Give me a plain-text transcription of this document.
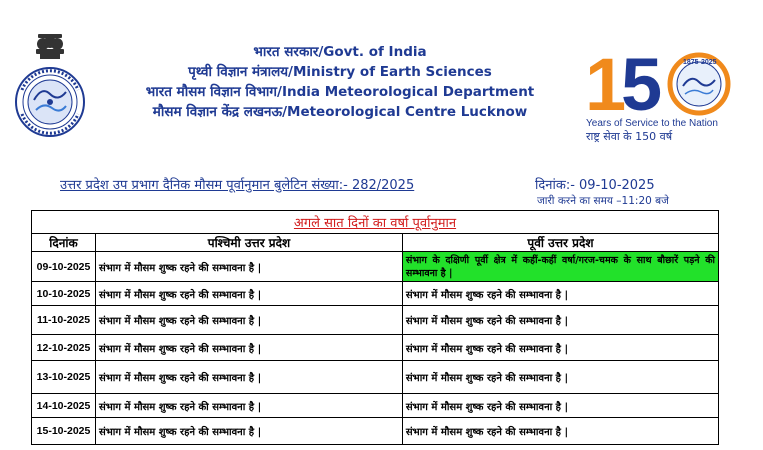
भारत सरकार/Govt. of India
पृथ्वी विज्ञान मंत्रालय/Ministry of Earth Sciences
भारत मौसम विज्ञान विभाग/India Meteorological Department
मौसम विज्ञान केंद्र लखनऊ/Meteorological Centre Lucknow 1
5	1875 2025
Years of Service to the Nation
राष्ट्र सेवा के 150 वर्ष
उत्तर प्रदेश उप प्रभाग दैनिक मौसम पूर्वानुमान बुलेटिन संख्या:- 282/2025	दिनांक:- 09-10-2025
जारी करने का समय –11:20 बजे
अगले सात दिनों का वर्षा पूर्वानुमान		
दिनांक	पश्चिमी उत्तर प्रदेश	पूर्वी उत्तर प्रदेश
09-10-2025	संभाग में मौसम शुष्क रहने की सम्भावना है |	संभाग के दक्षिणी पूर्वी क्षेत्र में कहीं-कहीं वर्षा/गरज-चमक के साथ बौछारें पड़ने की सम्भावना है |
10-10-2025	संभाग में मौसम शुष्क रहने की सम्भावना है |	संभाग में मौसम शुष्क रहने की सम्भावना है |
11-10-2025	संभाग में मौसम शुष्क रहने की सम्भावना है |	संभाग में मौसम शुष्क रहने की सम्भावना है |
12-10-2025	संभाग में मौसम शुष्क रहने की सम्भावना है |	संभाग में मौसम शुष्क रहने की सम्भावना है |
13-10-2025	संभाग में मौसम शुष्क रहने की सम्भावना है |	संभाग में मौसम शुष्क रहने की सम्भावना है |
14-10-2025	संभाग में मौसम शुष्क रहने की सम्भावना है |	संभाग में मौसम शुष्क रहने की सम्भावना है |
15-10-2025	संभाग में मौसम शुष्क रहने की सम्भावना है |	संभाग में मौसम शुष्क रहने की सम्भावना है |
